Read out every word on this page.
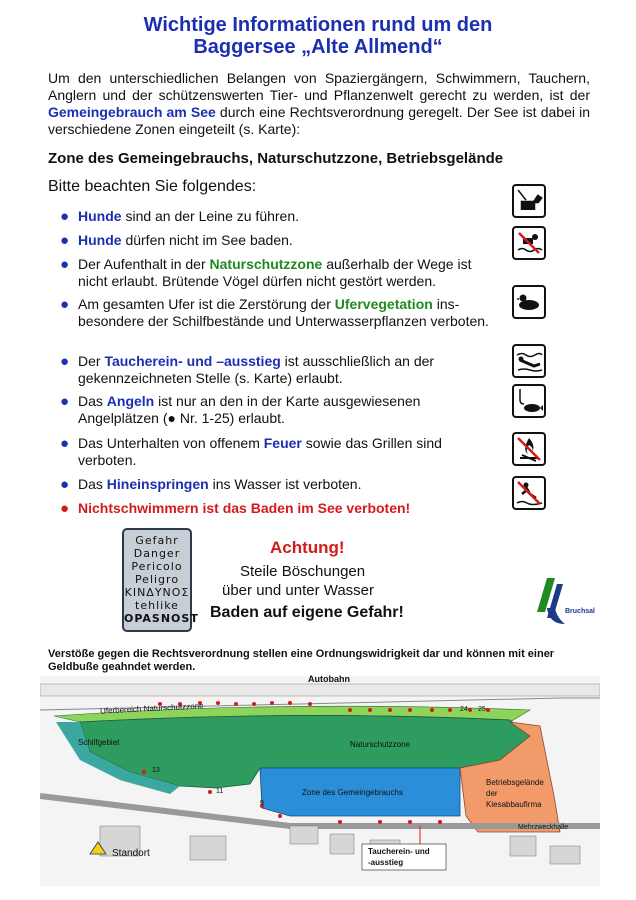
Wichtige Informationen rund um den
Baggersee „Alte Allmend“

Um den unterschiedlichen Belangen von Spaziergängern, Schwimmern, Tauchern, Anglern und der schützenswerten Tier- und Pflanzenwelt gerecht zu werden, ist der Gemeingebrauch am See durch eine Rechtsverordnung geregelt. Der See ist dabei in verschiedene Zonen eingeteilt (s. Karte):

Zone des Gemeingebrauchs, Naturschutzzone, Betriebsgelände
Bitte beachten Sie folgendes:

● Hunde sind an der Leine zu führen.

● Hunde dürfen nicht im See baden.

● Der Aufenthalt in der Naturschutzzone außerhalb der Wege ist nicht erlaubt. Brütende Vögel dürfen nicht gestört werden.

● Am gesamten Ufer ist die Zerstörung der Ufervegetation ins-besondere der Schilfbestände und Unterwasserpflanzen verboten.

● Der Taucherein- und –ausstieg ist ausschließlich an der gekennzeichneten Stelle (s. Karte) erlaubt.

● Das Angeln ist nur an den in der Karte ausgewiesenen Angelplätzen (● Nr. 1-25) erlaubt.

● Das Unterhalten von offenem Feuer sowie das Grillen sind verboten.

● Das Hineinspringen ins Wasser ist verboten.

● Nichtschwimmern ist das Baden im See verboten!

Gefahr
Danger
Pericolo
Peligro
ΚΙΝΔΥΝΟΣ
tehlike
OPASNOST
Achtung!
Steile Böschungen
über und unter Wasser
Baden auf eigene Gefahr!	Bruchsal

Verstöße gegen die Rechtsverordnung stellen eine Ordnungswidrigkeit dar und können mit einer Geldbuße geahndet werden.

Autobahn
Uferbereich Naturschutzzone
Naturschutzzone
Schilfgebiet
Zone des Gemeingebrauchs
Betriebsgelände
der
Kiesabbaufirma
Mehrzweckhalle
Standort	Taucherein- und
-ausstieg
13
11
9
25
24
